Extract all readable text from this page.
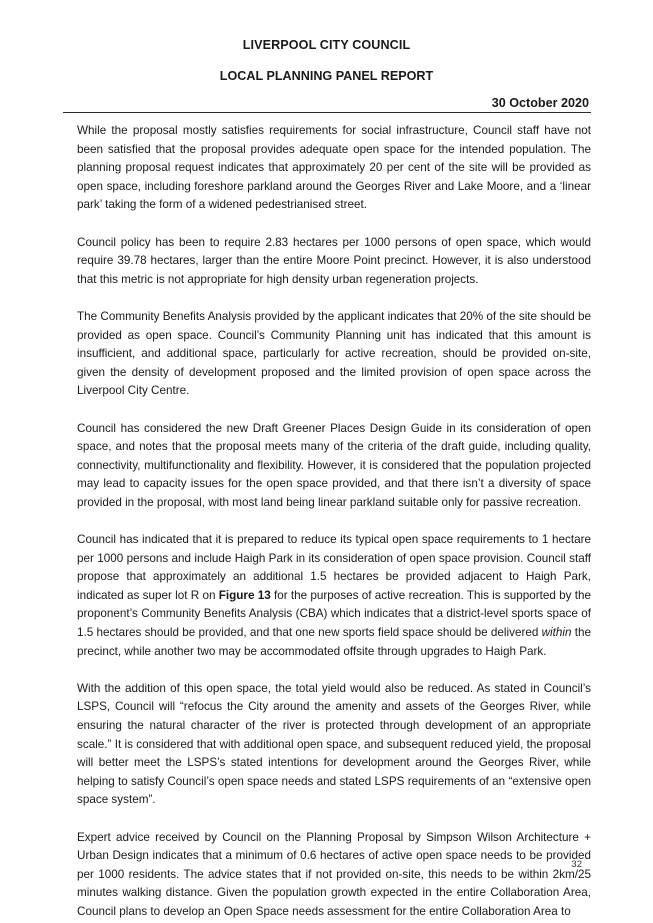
LIVERPOOL CITY COUNCIL
LOCAL PLANNING PANEL REPORT
30 October 2020

While the proposal mostly satisfies requirements for social infrastructure, Council staff have not been satisfied that the proposal provides adequate open space for the intended population. The planning proposal request indicates that approximately 20 per cent of the site will be provided as open space, including foreshore parkland around the Georges River and Lake Moore, and a ‘linear park’ taking the form of a widened pedestrianised street.

Council policy has been to require 2.83 hectares per 1000 persons of open space, which would require 39.78 hectares, larger than the entire Moore Point precinct. However, it is also understood that this metric is not appropriate for high density urban regeneration projects.

The Community Benefits Analysis provided by the applicant indicates that 20% of the site should be provided as open space. Council’s Community Planning unit has indicated that this amount is insufficient, and additional space, particularly for active recreation, should be provided on-site, given the density of development proposed and the limited provision of open space across the Liverpool City Centre.

Council has considered the new Draft Greener Places Design Guide in its consideration of open space, and notes that the proposal meets many of the criteria of the draft guide, including quality, connectivity, multifunctionality and flexibility. However, it is considered that the population projected may lead to capacity issues for the open space provided, and that there isn’t a diversity of space provided in the proposal, with most land being linear parkland suitable only for passive recreation.

Council has indicated that it is prepared to reduce its typical open space requirements to 1 hectare per 1000 persons and include Haigh Park in its consideration of open space provision. Council staff propose that approximately an additional 1.5 hectares be provided adjacent to Haigh Park, indicated as super lot R on Figure 13 for the purposes of active recreation. This is supported by the proponent’s Community Benefits Analysis (CBA) which indicates that a district-level sports space of 1.5 hectares should be provided, and that one new sports field space should be delivered within the precinct, while another two may be accommodated offsite through upgrades to Haigh Park.

With the addition of this open space, the total yield would also be reduced. As stated in Council’s LSPS, Council will “refocus the City around the amenity and assets of the Georges River, while ensuring the natural character of the river is protected through development of an appropriate scale.” It is considered that with additional open space, and subsequent reduced yield, the proposal will better meet the LSPS’s stated intentions for development around the Georges River, while helping to satisfy Council’s open space needs and stated LSPS requirements of an “extensive open space system”.

Expert advice received by Council on the Planning Proposal by Simpson Wilson Architecture + Urban Design indicates that a minimum of 0.6 hectares of active open space needs to be provided per 1000 residents. The advice states that if not provided on-site, this needs to be within 2km/25 minutes walking distance. Given the population growth expected in the entire Collaboration Area, Council plans to develop an Open Space needs assessment for the entire Collaboration Area to

32
